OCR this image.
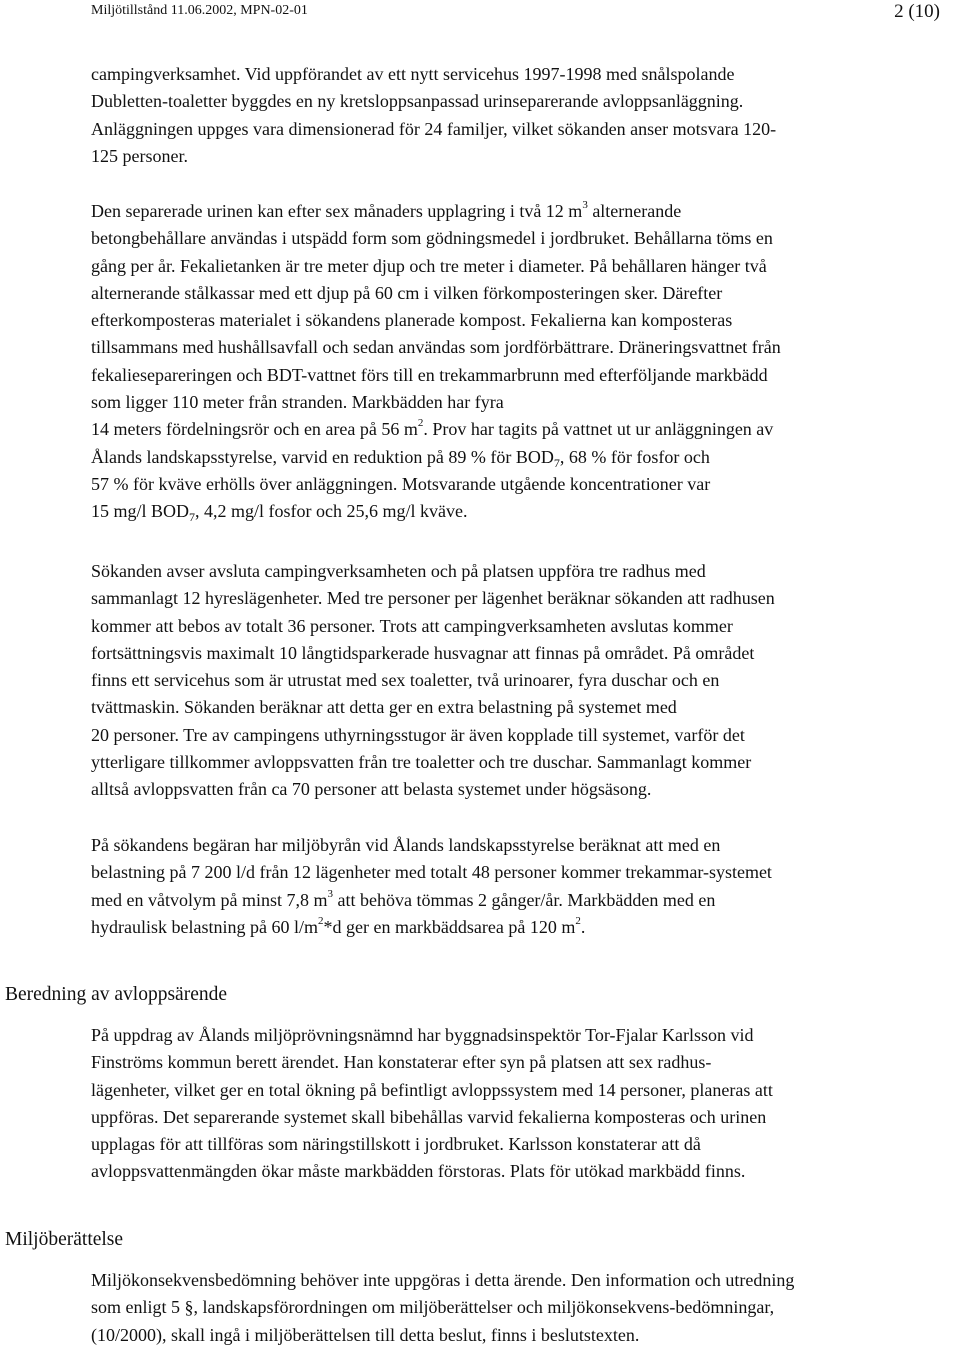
Miljötillstånd 11.06.2002, MPN-02-01	2 (10)
campingverksamhet. Vid uppförandet av ett nytt servicehus 1997-1998 med snålspolande
Dubletten-toaletter byggdes en ny kretsloppsanpassad urinseparerande avloppsanläggning.
Anläggningen uppges vara dimensionerad för 24 familjer, vilket sökanden anser motsvara 120-
125 personer.
Den separerade urinen kan efter sex månaders upplagring i två 12 $m^3$ alternerande
betongbehållare användas i utspädd form som gödningsmedel i jordbruket. Behållarna töms en
gång per år. Fekalietanken är tre meter djup och tre meter i diameter. På behållaren hänger två
alternerande stålkassar med ett djup på 60 cm i vilken förkomposteringen sker. Därefter
efterkomposteras materialet i sökandens planerade kompost. Fekalierna kan komposteras
tillsammans med hushållsavfall och sedan användas som jordförbättrare. Dräneringsvattnet från
fekaliesepareringen och BDT-vattnet förs till en trekammarbrunn med efterföljande markbädd
som ligger 110 meter från stranden. Markbädden har fyra
14 meters fördelningsrör och en area på 56 $m^2$. Prov har tagits på vattnet ut ur anläggningen av
Ålands landskapsstyrelse, varvid en reduktion på 89 % för $BOD_7$, 68 % för fosfor och
57 % för kväve erhölls över anläggningen. Motsvarande utgående koncentrationer var
15 mg/l $BOD_7$, 4,2 mg/l fosfor och 25,6 mg/l kväve.
Sökanden avser avsluta campingverksamheten och på platsen uppföra tre radhus med
sammanlagt 12 hyreslägenheter. Med tre personer per lägenhet beräknar sökanden att radhusen
kommer att bebos av totalt 36 personer. Trots att campingverksamheten avslutas kommer
fortsättningsvis maximalt 10 långtidsparkerade husvagnar att finnas på området. På området
finns ett servicehus som är utrustat med sex toaletter, två urinoarer, fyra duschar och en
tvättmaskin. Sökanden beräknar att detta ger en extra belastning på systemet med
20 personer. Tre av campingens uthyrningsstugor är även kopplade till systemet, varför det
ytterligare tillkommer avloppsvatten från tre toaletter och tre duschar. Sammanlagt kommer
alltså avloppsvatten från ca 70 personer att belasta systemet under högsäsong.
På sökandens begäran har miljöbyrån vid Ålands landskapsstyrelse beräknat att med en
belastning på 7 200 l/d från 12 lägenheter med totalt 48 personer kommer trekammar-systemet
med en våtvolym på minst 7,8 $m^3$ att behöva tömmas 2 gånger/år. Markbädden med en
hydraulisk belastning på 60 $l/m^2*d$ ger en markbäddsarea på 120 $m^2$.
Beredning av avloppsärende
På uppdrag av Ålands miljöprövningsnämnd har byggnadsinspektör Tor-Fjalar Karlsson vid
Finströms kommun berett ärendet. Han konstaterar efter syn på platsen att sex radhus-
lägenheter, vilket ger en total ökning på befintligt avloppssystem med 14 personer, planeras att
uppföras. Det separerande systemet skall bibehållas varvid fekalierna komposteras och urinen
upplagas för att tillföras som näringstillskott i jordbruket. Karlsson konstaterar att då
avloppsvattenmängden ökar måste markbädden förstoras. Plats för utökad markbädd finns.
Miljöberättelse
Miljökonsekvensbedömning behöver inte uppgöras i detta ärende. Den information och utredning
som enligt 5 §, landskapsförordningen om miljöberättelser och miljökonsekvens-bedömningar,
(10/2000), skall ingå i miljöberättelsen till detta beslut, finns i beslutstexten.
